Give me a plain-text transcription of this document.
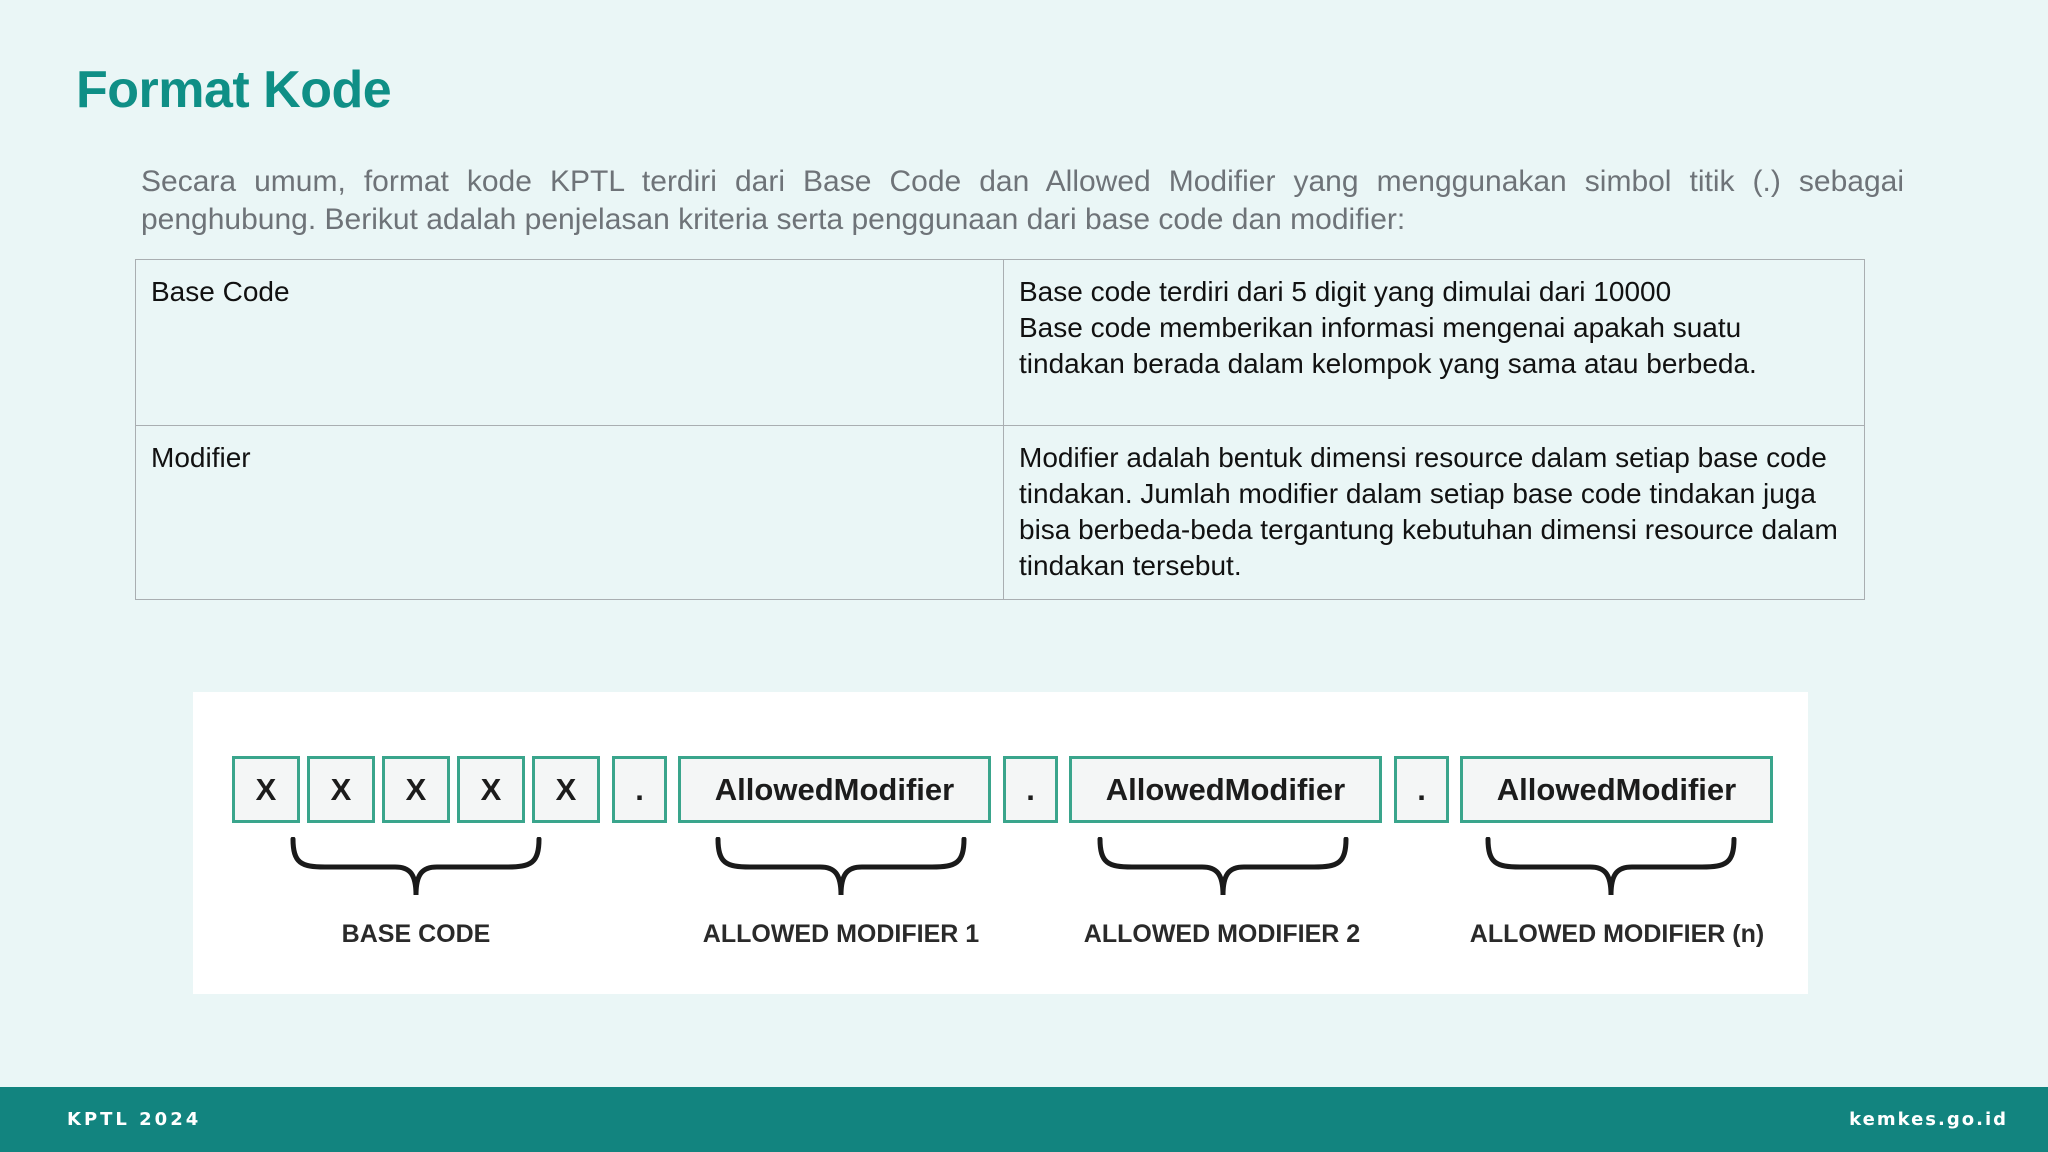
Format Kode

Secara umum, format kode KPTL terdiri dari Base Code dan Allowed Modifier yang menggunakan simbol titik (.) sebagai penghubung. Berikut adalah penjelasan kriteria serta penggunaan dari base code dan modifier:

Base Code	Base code terdiri dari 5 digit yang dimulai dari 10000
Base code memberikan informasi mengenai apakah suatu tindakan berada dalam kelompok yang sama atau berbeda.

Modifier	Modifier adalah bentuk dimensi resource dalam setiap base code tindakan. Jumlah modifier dalam setiap base code tindakan juga bisa berbeda-beda tergantung kebutuhan dimensi resource dalam tindakan tersebut.
X	X	X	X	X	.	AllowedModifier	.	AllowedModifier	.	AllowedModifier
BASE CODE	ALLOWED MODIFIER 1	ALLOWED MODIFIER 2	ALLOWED MODIFIER (n)
KPTL 2024	kemkes.go.id
